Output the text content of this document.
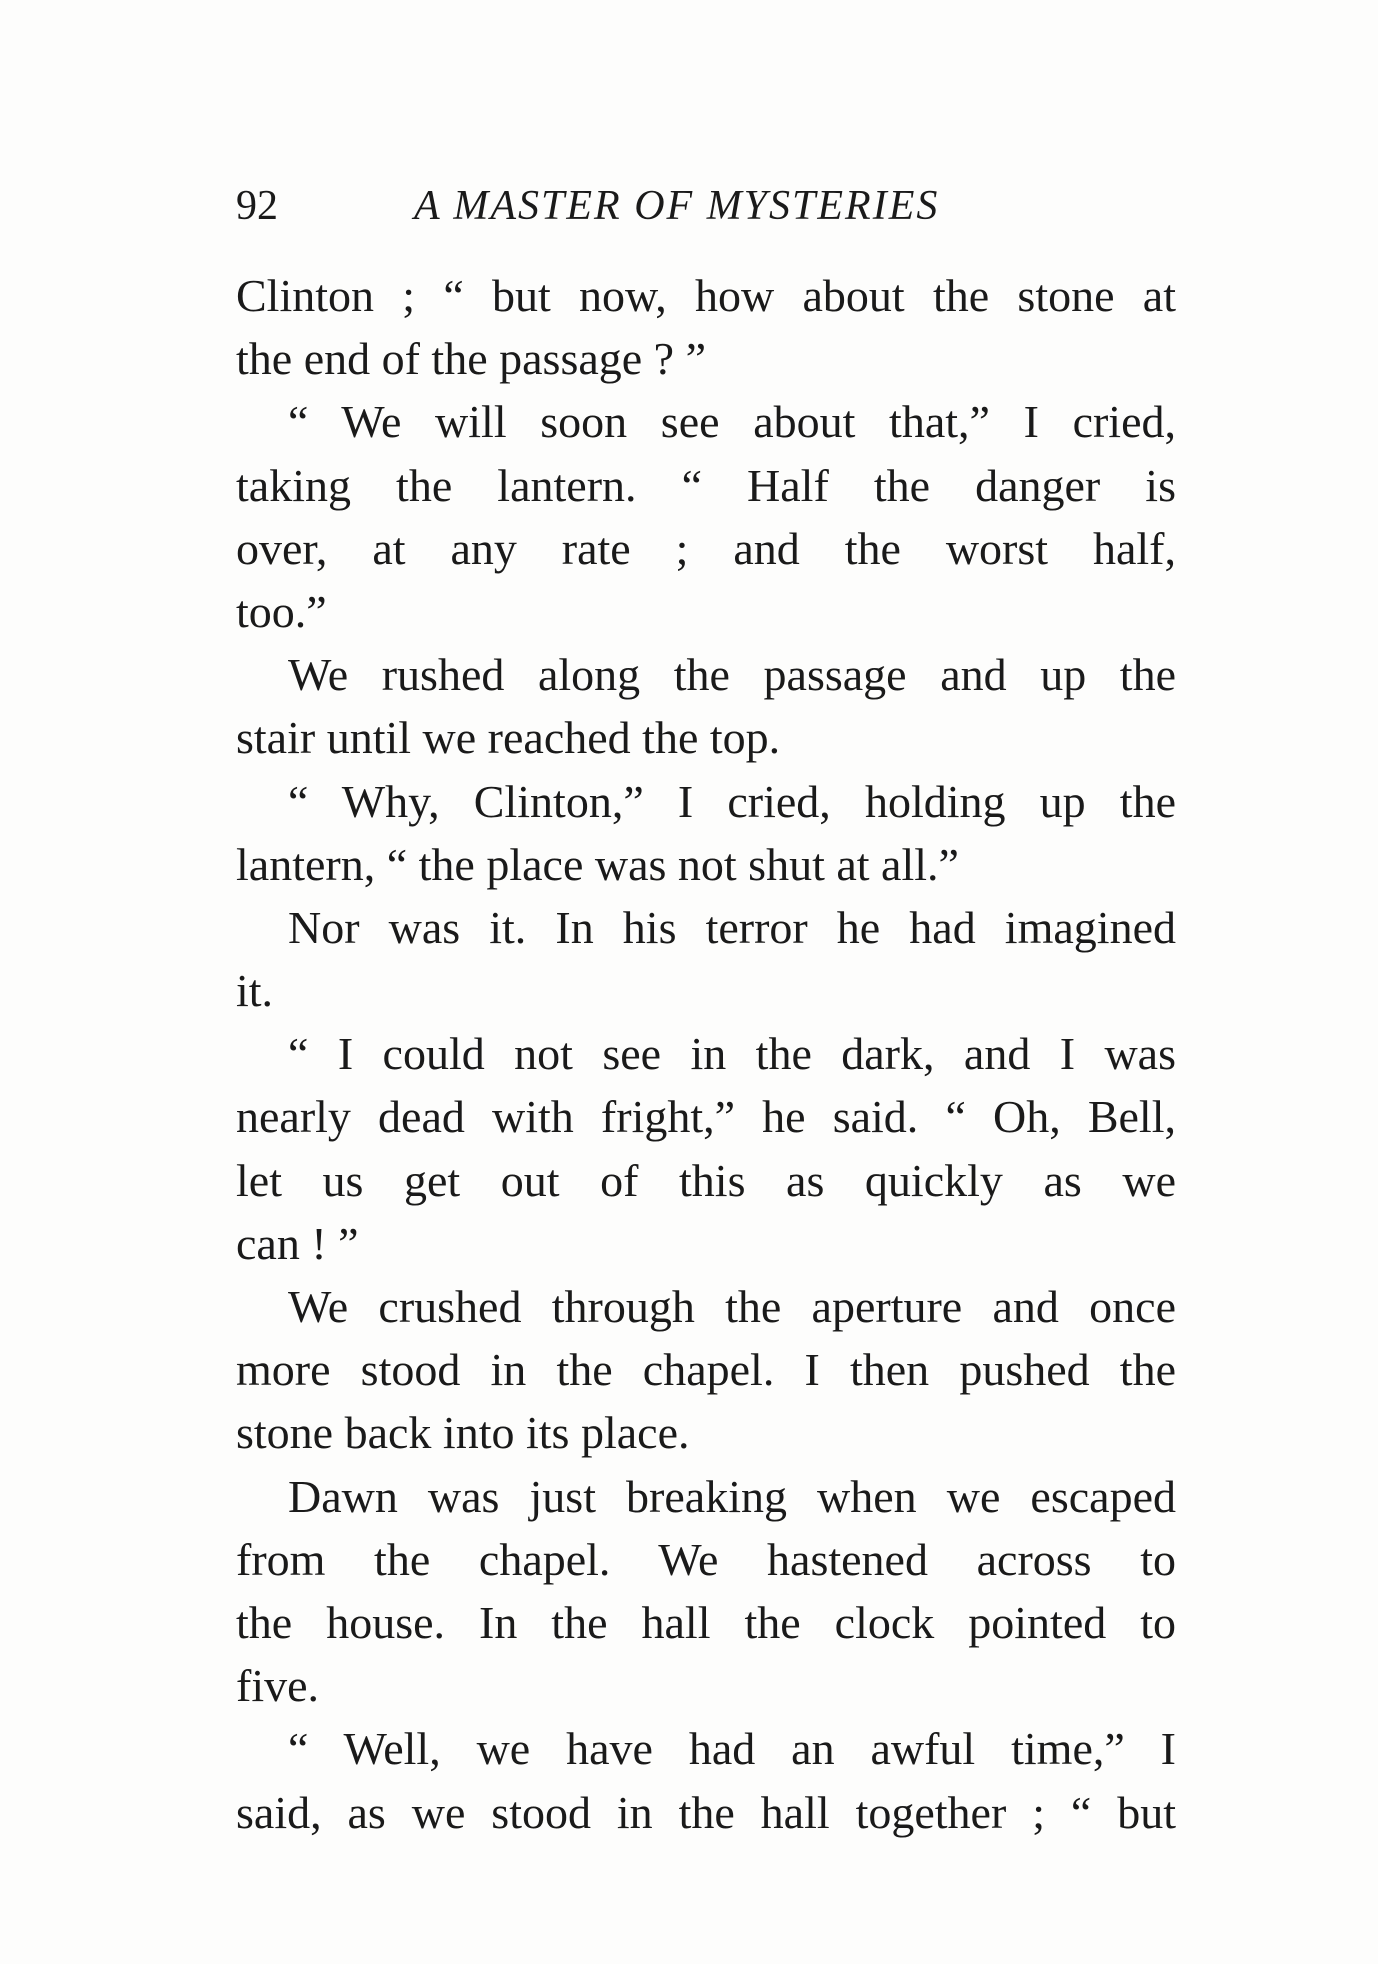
92	A MASTER OF MYSTERIES
Clinton ; “ but now, how about the stone at
the end of the passage ? ”
“ We will soon see about that,” I cried,
taking the lantern. “ Half the danger is
over, at any rate ; and the worst half,
too.”
We rushed along the passage and up the
stair until we reached the top.
“ Why, Clinton,” I cried, holding up the
lantern, “ the place was not shut at all.”
Nor was it. In his terror he had imagined
it.
“ I could not see in the dark, and I was
nearly dead with fright,” he said. “ Oh, Bell,
let us get out of this as quickly as we
can ! ”
We crushed through the aperture and once
more stood in the chapel. I then pushed the
stone back into its place.
Dawn was just breaking when we escaped
from the chapel. We hastened across to
the house. In the hall the clock pointed to
five.
“ Well, we have had an awful time,” I
said, as we stood in the hall together ; “ but
